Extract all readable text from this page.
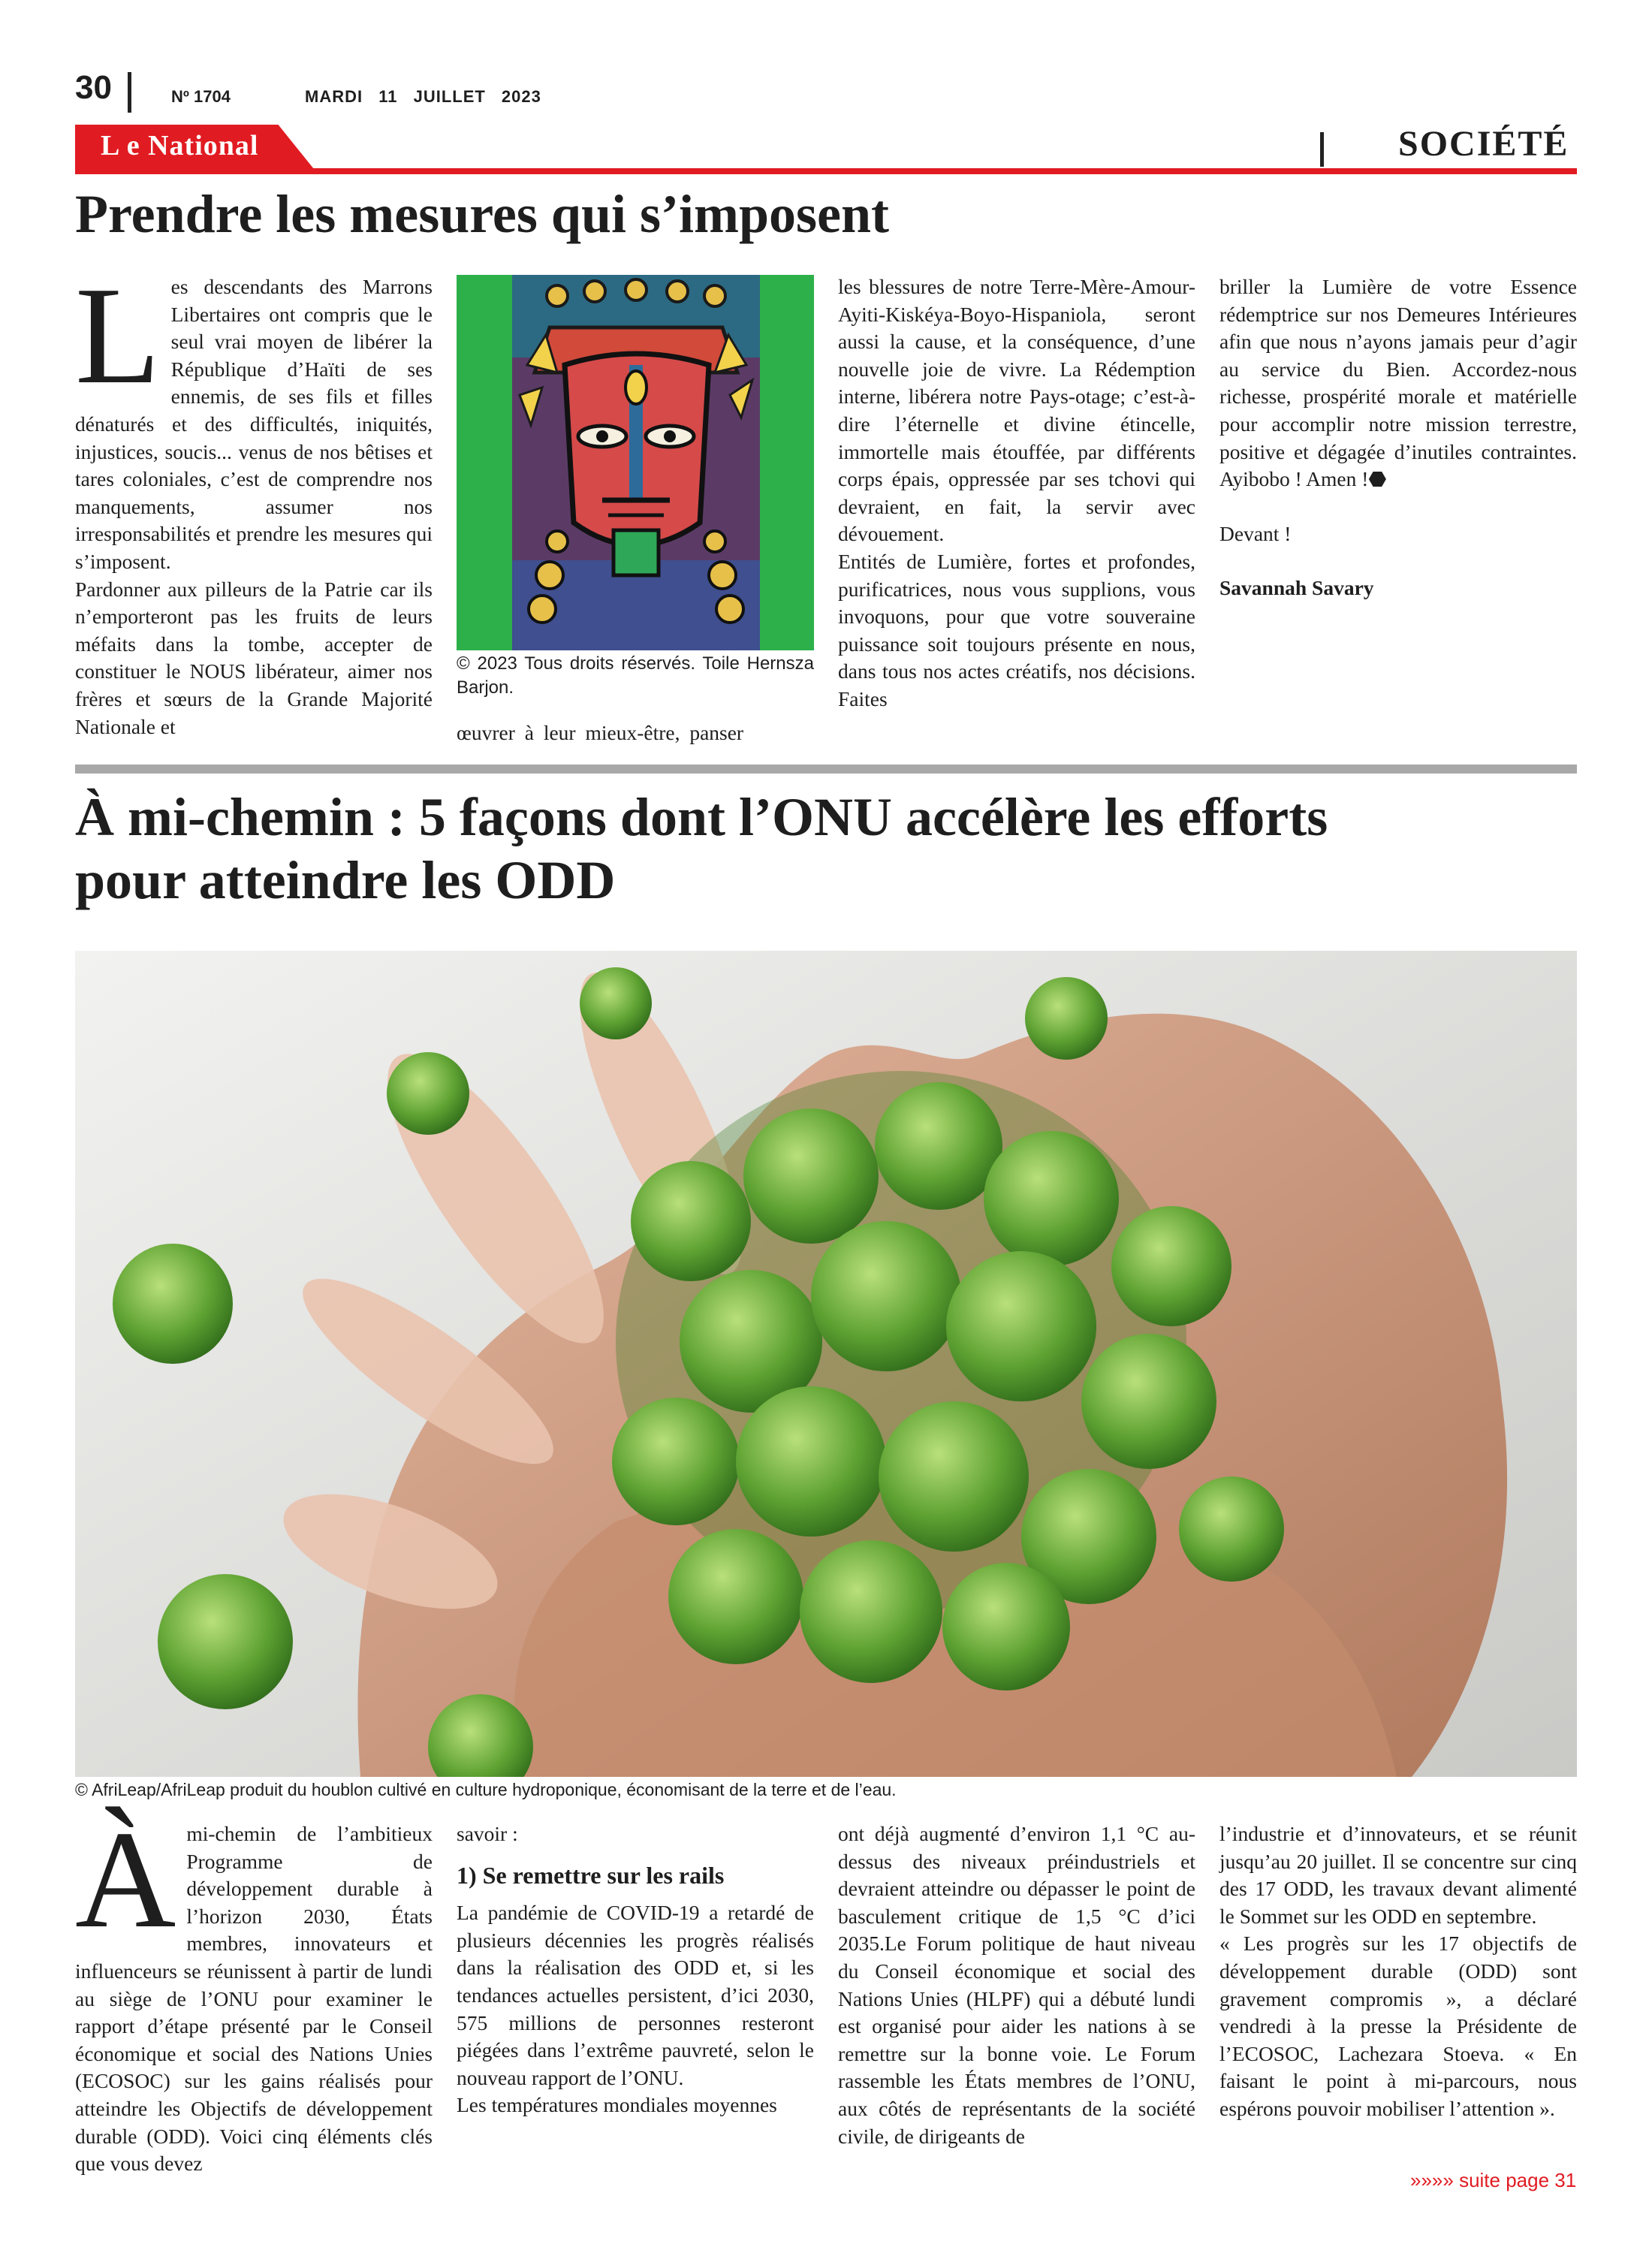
30	Nº 1704	MARDI 11 JUILLET 2023
L e National	SOCIÉTÉ
Prendre les mesures qui s’imposent
L es descendants des Marrons Libertaires ont compris que le seul vrai moyen de libérer la République d’Haïti de ses ennemis, de ses fils et filles dénaturés et des difficultés, iniquités, injustices, soucis... venus de nos bêtises et tares coloniales, c’est de comprendre nos manquements, assumer nos irresponsabilités et prendre les mesures qui s’imposent.

Pardonner aux pilleurs de la Patrie car ils n’emporteront pas les fruits de leurs méfaits dans la tombe, accepter de constituer le NOUS libérateur, aimer nos frères et sœurs de la Grande Majorité Nationale et

© 2023 Tous droits réservés. Toile Hernsza Barjon.
œuvrer à leur mieux-être, panser

les blessures de notre Terre-Mère-Amour-Ayiti-Kiskéya-Boyo-Hispaniola, seront aussi la cause, et la conséquence, d’une nouvelle joie de vivre. La Rédemption interne, libérera notre Pays-otage; c’est-à-dire l’éternelle et divine étincelle, immortelle mais étouffée, par différents corps épais, oppressée par ses tchovi qui devraient, en fait, la servir avec dévouement.

Entités de Lumière, fortes et profondes, purificatrices, nous vous supplions, vous invoquons, pour que votre souveraine puissance soit toujours présente en nous, dans tous nos actes créatifs, nos décisions. Faites

briller la Lumière de votre Essence rédemptrice sur nos Demeures Intérieures afin que nous n’ayons jamais peur d’agir au service du Bien. Accordez-nous richesse, prospérité morale et matérielle pour accomplir notre mission terrestre, positive et dégagée d’inutiles contraintes. Ayibobo ! Amen !⬣

Devant !

Savannah Savary

À mi-chemin : 5 façons dont l’ONU accélère les efforts
pour atteindre les ODD
© AfriLeap/AfriLeap produit du houblon cultivé en culture hydroponique, économisant de la terre et de l’eau.
À mi-chemin de l’ambitieux Programme de développement durable à l’horizon 2030, États membres, innovateurs et influenceurs se réunissent à partir de lundi au siège de l’ONU pour examiner le rapport d’étape présenté par le Conseil économique et social des Nations Unies (ECOSOC) sur les gains réalisés pour atteindre les Objectifs de développement durable (ODD). Voici cinq éléments clés que vous devez

savoir :

1) Se remettre sur les rails

La pandémie de COVID-19 a retardé de plusieurs décennies les progrès réalisés dans la réalisation des ODD et, si les tendances actuelles persistent, d’ici 2030, 575 millions de personnes resteront piégées dans l’extrême pauvreté, selon le nouveau rapport de l’ONU.

Les températures mondiales moyennes

ont déjà augmenté d’environ 1,1 °C au-dessus des niveaux préindustriels et devraient atteindre ou dépasser le point de basculement critique de 1,5 °C d’ici 2035.Le Forum politique de haut niveau du Conseil économique et social des Nations Unies (HLPF) qui a débuté lundi est organisé pour aider les nations à se remettre sur la bonne voie. Le Forum rassemble les États membres de l’ONU, aux côtés de représentants de la société civile, de dirigeants de

l’industrie et d’innovateurs, et se réunit jusqu’au 20 juillet. Il se concentre sur cinq des 17 ODD, les travaux devant alimenté le Sommet sur les ODD en septembre.

« Les progrès sur les 17 objectifs de développement durable (ODD) sont gravement compromis », a déclaré vendredi à la presse la Présidente de l’ECOSOC, Lachezara Stoeva. « En faisant le point à mi-parcours, nous espérons pouvoir mobiliser l’attention ».

»»»» suite page 31
